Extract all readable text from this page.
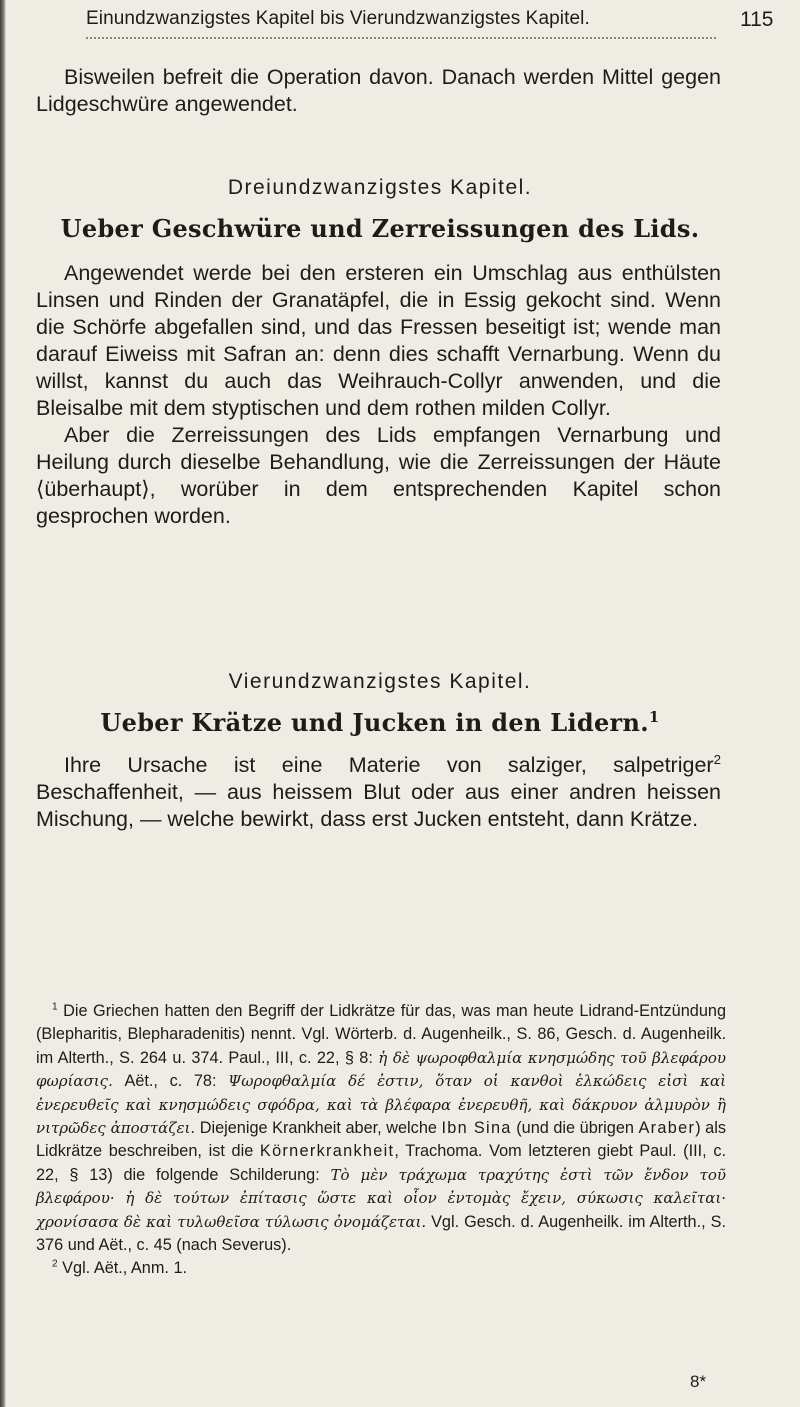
Einundzwanzigstes Kapitel bis Vierundzwanzigstes Kapitel.	115

Bisweilen befreit die Operation davon. Danach werden Mittel gegen Lidgeschwüre angewendet.

Dreiundzwanzigstes Kapitel.
Ueber Geschwüre und Zerreissungen des Lids.

Angewendet werde bei den ersteren ein Umschlag aus enthülsten Linsen und Rinden der Granatäpfel, die in Essig gekocht sind. Wenn die Schörfe abgefallen sind, und das Fressen beseitigt ist; wende man darauf Eiweiss mit Safran an: denn dies schafft Vernarbung. Wenn du willst, kannst du auch das Weihrauch-Collyr anwenden, und die Bleisalbe mit dem styptischen und dem rothen milden Collyr.

Aber die Zerreissungen des Lids empfangen Vernarbung und Heilung durch dieselbe Behandlung, wie die Zerreissungen der Häute ⟨überhaupt⟩, worüber in dem entsprechenden Kapitel schon gesprochen worden.

Vierundzwanzigstes Kapitel.
Ueber Krätze und Jucken in den Lidern.$^1$

Ihre Ursache ist eine Materie von salziger, salpetriger$^2$ Beschaffenheit, — aus heissem Blut oder aus einer andren heissen Mischung, — welche bewirkt, dass erst Jucken entsteht, dann Krätze.

$^1$ Die Griechen hatten den Begriff der Lidkrätze für das, was man heute Lidrand-Entzündung (Blepharitis, Blepharadenitis) nennt. Vgl. Wörterb. d. Augenheilk., S. 86, Gesch. d. Augenheilk. im Alterth., S. 264 u. 374. Paul., III, c. 22, § 8: ἡ δὲ ψωροφθαλμία κνησμώδης τοῦ βλεφάρου φωρίασις. Aët., c. 78: Ψωροφθαλμία δέ ἐστιν, ὅταν οἱ κανθοὶ ἑλκώδεις εἰσὶ καὶ ἐνερευθεῖς καὶ κνησμώδεις σφόδρα, καὶ τὰ βλέφαρα ἐνερευθῆ, καὶ δάκρυον ἁλμυρὸν ἢ νιτρῶδες ἀποστάζει. Diejenige Krankheit aber, welche Ibn Sina (und die übrigen Araber) als Lidkrätze beschreiben, ist die Körnerkrankheit, Trachoma. Vom letzteren giebt Paul. (III, c. 22, § 13) die folgende Schilderung: Τὸ μὲν τράχωμα τραχύτης ἐστὶ τῶν ἔνδον τοῦ βλεφάρου· ἡ δὲ τούτων ἐπίτασις ὥστε καὶ οἷον ἐντομὰς ἔχειν, σύκωσις καλεῖται· χρονίσασα δὲ καὶ τυλωθεῖσα τύλωσις ὀνομάζεται. Vgl. Gesch. d. Augenheilk. im Alterth., S. 376 und Aët., c. 45 (nach Severus).

$^2$ Vgl. Aët., Anm. 1.

8*
